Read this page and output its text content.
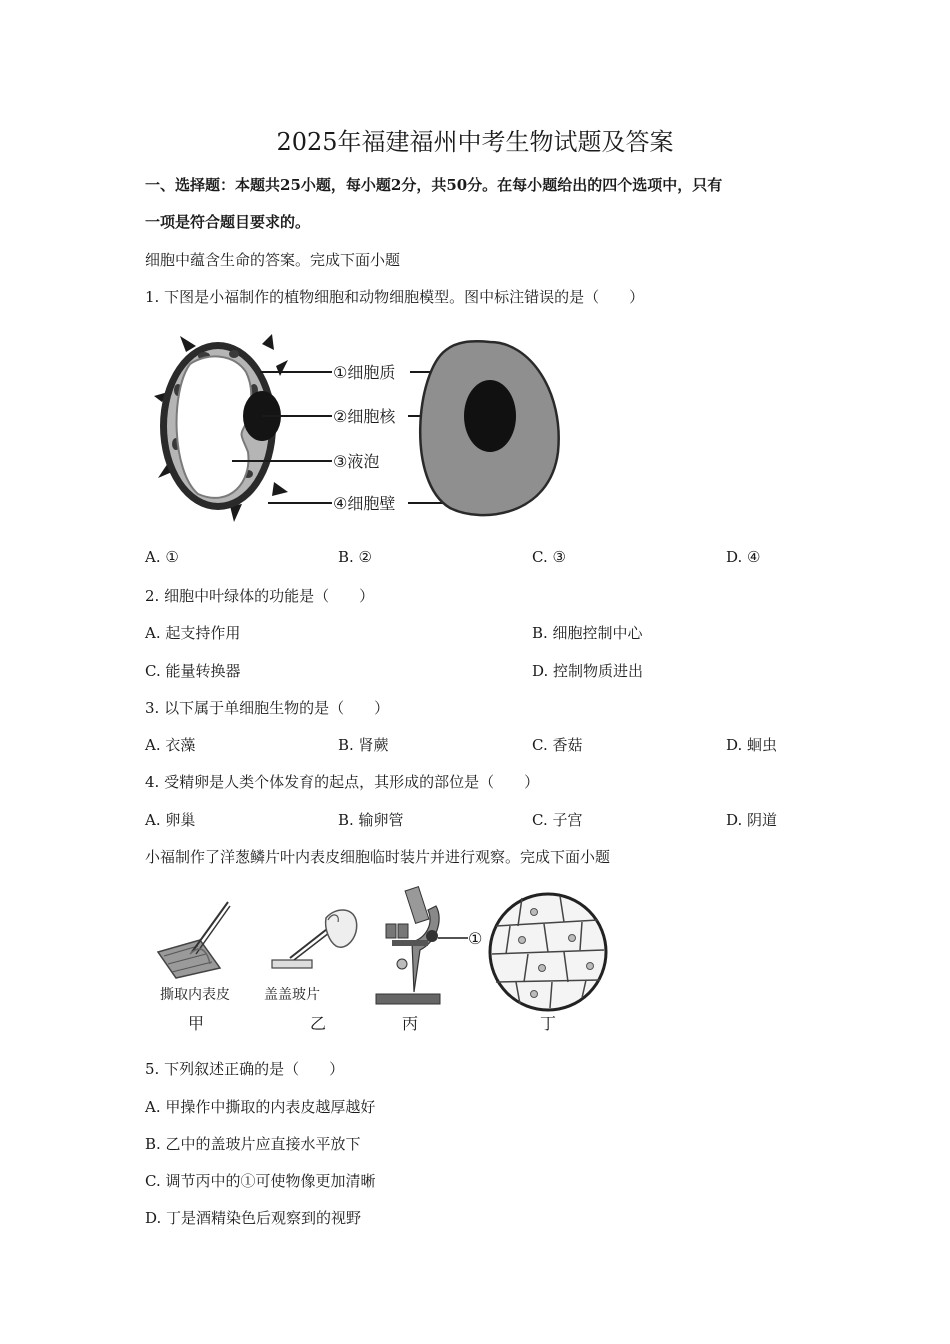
2025年福建福州中考生物试题及答案
一、选择题：本题共25小题，每小题2分，共50分。在每小题给出的四个选项中，只有
一项是符合题目要求的。
细胞中蕴含生命的答案。完成下面小题
1. 下图是小福制作的植物细胞和动物细胞模型。图中标注错误的是（　　）
①细胞质
②细胞核
③液泡
④细胞壁
A. ①	B. ②	C. ③	D. ④
2. 细胞中叶绿体的功能是（　　）
A. 起支持作用	B. 细胞控制中心
C. 能量转换器	D. 控制物质进出
3. 以下属于单细胞生物的是（　　）
A. 衣藻	B. 肾蕨	C. 香菇	D. 蛔虫
4. 受精卵是人类个体发育的起点，其形成的部位是（　　）
A. 卵巢	B. 输卵管	C. 子宫	D. 阴道
小福制作了洋葱鳞片叶内表皮细胞临时装片并进行观察。完成下面小题
撕取内表皮
甲
盖盖玻片
乙
①
丙	丁
5. 下列叙述正确的是（　　）
A. 甲操作中撕取的内表皮越厚越好
B. 乙中的盖玻片应直接水平放下
C. 调节丙中的①可使物像更加清晰
D. 丁是酒精染色后观察到的视野
